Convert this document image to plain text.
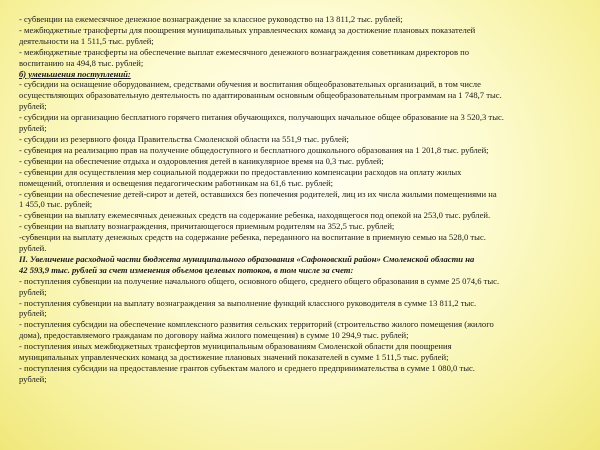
- субвенции на ежемесячное денежное вознаграждение за классное руководство на 13 811,2 тыс. рублей;
- межбюджетные трансферты для поощрения муниципальных управленческих команд за достижение плановых показателей
деятельности на 1 511,5 тыс. рублей;
- межбюджетные трансферты на обеспечение выплат ежемесячного денежного вознаграждения советникам директоров по
воспитанию на 494,8 тыс. рублей;
б) уменьшения поступлений:
- субсидии на оснащение оборудованием, средствами обучения и воспитания общеобразовательных организаций, в том числе
осуществляющих образовательную деятельность по адаптированным основным общеобразовательным программам на 1 748,7 тыс.
рублей;
- субсидии на организацию бесплатного горячего питания обучающихся, получающих начальное общее образование на 3 520,3 тыс.
рублей;
- субсидии из резервного фонда Правительства Смоленской области на 551,9 тыс. рублей;
- субвенция на реализацию прав на получение общедоступного и бесплатного дошкольного образования на 1 201,8 тыс. рублей;
- субвенции на обеспечение отдыха и оздоровления детей в каникулярное время на 0,3 тыс. рублей;
- субвенции для осуществления мер социальной поддержки по предоставлению компенсации расходов на оплату жилых
помещений, отопления и освещения педагогическим работникам на 61,6 тыс. рублей;
- субвенции на обеспечение детей-сирот и детей, оставшихся без попечения родителей, лиц из их числа жилыми помещениями на
1 455,0 тыс. рублей;
- субвенции на выплату ежемесячных денежных средств на содержание ребенка, находящегося под опекой на 253,0 тыс. рублей.
- субвенции на выплату вознаграждения, причитающегося приемным родителям на 352,5 тыс. рублей;
-субвенции на выплату денежных средств на содержание ребенка, переданного на воспитание в приемную семью на 528,0 тыс.
рублей.
II. Увеличение расходной части бюджета муниципального образования «Сафоновский район» Смоленской области на
42 593,9 тыс. рублей за счет изменения объемов целевых потоков, в том числе за счет:
- поступления субвенции на получение начального общего, основного общего, среднего общего образования в сумме 25 074,6 тыс.
рублей;
- поступления субвенции на выплату вознаграждения за выполнение функций классного руководителя в сумме 13 811,2 тыс.
рублей;
- поступления субсидии на обеспечение комплексного развития сельских территорий (строительство жилого помещения (жилого
дома), предоставляемого гражданам по договору найма жилого помещения) в сумме 10 294,9 тыс. рублей;
- поступления иных межбюджетных трансфертов муниципальным образованиям Смоленской области для поощрения
муниципальных управленческих команд за достижение плановых значений показателей в сумме 1 511,5 тыс. рублей;
- поступления субсидии на предоставление грантов субъектам малого и среднего предпринимательства в сумме 1 080,0 тыс.
рублей;
